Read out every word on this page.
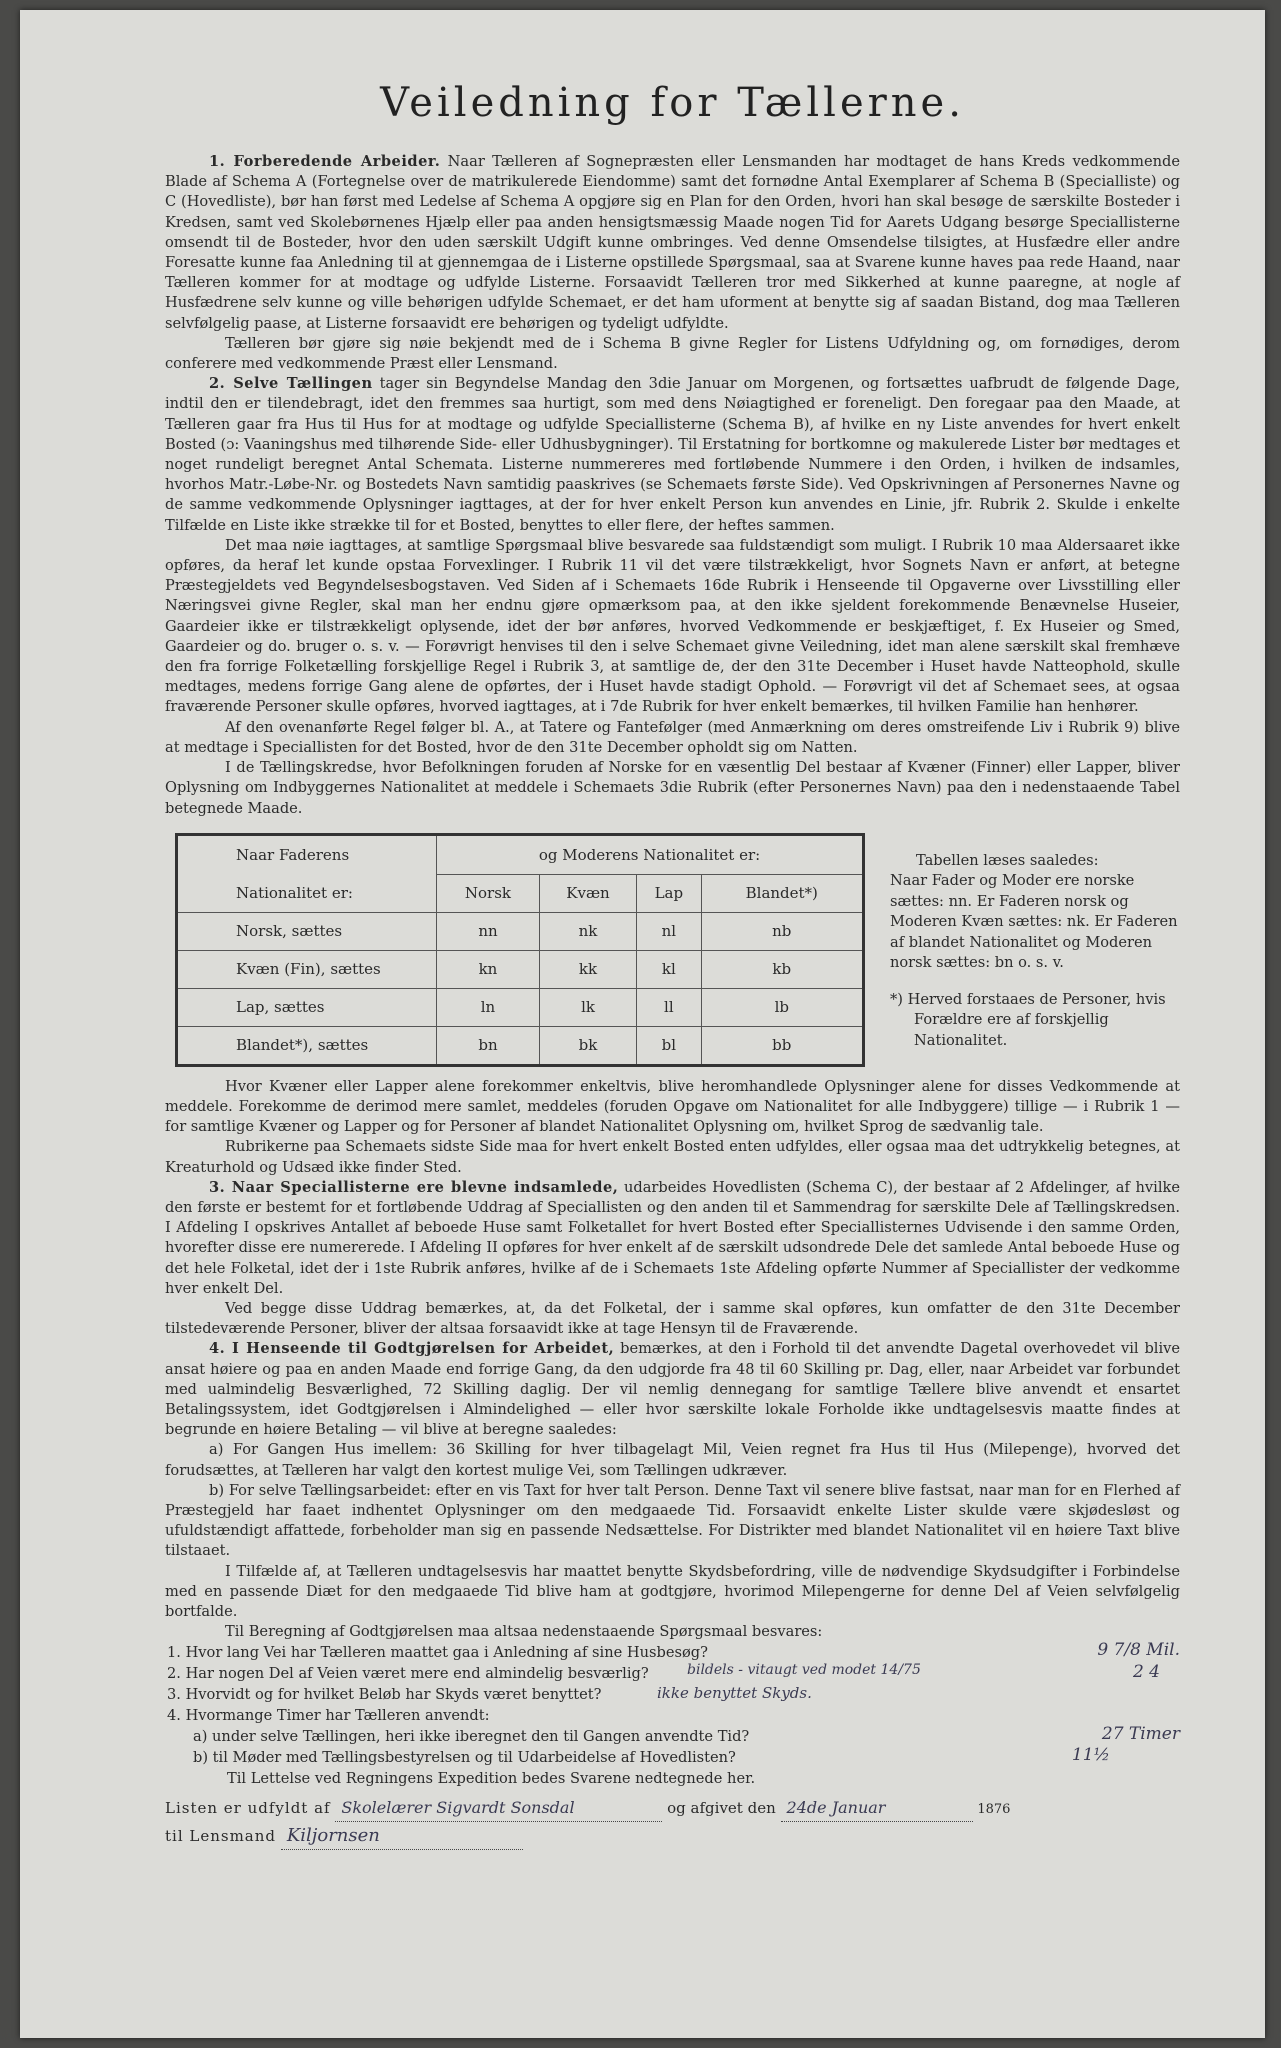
Veiledning for Tællerne.

1. Forberedende Arbeider. Naar Tælleren af Sognepræsten eller Lensmanden har modtaget de hans Kreds vedkommende Blade af Schema A (Fortegnelse over de matrikulerede Eiendomme) samt det fornødne Antal Exemplarer af Schema B (Specialliste) og C (Hovedliste), bør han først med Ledelse af Schema A opgjøre sig en Plan for den Orden, hvori han skal besøge de særskilte Bosteder i Kredsen, samt ved Skolebørnenes Hjælp eller paa anden hensigtsmæssig Maade nogen Tid for Aarets Udgang besørge Speciallisterne omsendt til de Bosteder, hvor den uden særskilt Udgift kunne ombringes. Ved denne Omsendelse tilsigtes, at Husfædre eller andre Foresatte kunne faa Anledning til at gjennemgaa de i Listerne opstillede Spørgsmaal, saa at Svarene kunne haves paa rede Haand, naar Tælleren kommer for at modtage og udfylde Listerne. Forsaavidt Tælleren tror med Sikkerhed at kunne paaregne, at nogle af Husfædrene selv kunne og ville behørigen udfylde Schemaet, er det ham uforment at benytte sig af saadan Bistand, dog maa Tælleren selvfølgelig paase, at Listerne forsaavidt ere behørigen og tydeligt udfyldte.

Tælleren bør gjøre sig nøie bekjendt med de i Schema B givne Regler for Listens Udfyldning og, om fornødiges, derom conferere med vedkommende Præst eller Lensmand.

2. Selve Tællingen tager sin Begyndelse Mandag den 3die Januar om Morgenen, og fortsættes uafbrudt de følgende Dage, indtil den er tilendebragt, idet den fremmes saa hurtigt, som med dens Nøiagtighed er foreneligt. Den foregaar paa den Maade, at Tælleren gaar fra Hus til Hus for at modtage og udfylde Speciallisterne (Schema B), af hvilke en ny Liste anvendes for hvert enkelt Bosted (ɔ: Vaaningshus med tilhørende Side- eller Udhusbygninger). Til Erstatning for bortkomne og makulerede Lister bør medtages et noget rundeligt beregnet Antal Schemata. Listerne nummereres med fortløbende Nummere i den Orden, i hvilken de indsamles, hvorhos Matr.-Løbe-Nr. og Bostedets Navn samtidig paaskrives (se Schemaets første Side). Ved Opskrivningen af Personernes Navne og de samme vedkommende Oplysninger iagttages, at der for hver enkelt Person kun anvendes en Linie, jfr. Rubrik 2. Skulde i enkelte Tilfælde en Liste ikke strække til for et Bosted, benyttes to eller flere, der heftes sammen.

Det maa nøie iagttages, at samtlige Spørgsmaal blive besvarede saa fuldstændigt som muligt. I Rubrik 10 maa Aldersaaret ikke opføres, da heraf let kunde opstaa Forvexlinger. I Rubrik 11 vil det være tilstrækkeligt, hvor Sognets Navn er anført, at betegne Præstegjeldets ved Begyndelsesbogstaven. Ved Siden af i Schemaets 16de Rubrik i Henseende til Opgaverne over Livsstilling eller Næringsvei givne Regler, skal man her endnu gjøre opmærksom paa, at den ikke sjeldent forekommende Benævnelse Huseier, Gaardeier ikke er tilstrækkeligt oplysende, idet der bør anføres, hvorved Vedkommende er beskjæftiget, f. Ex Huseier og Smed, Gaardeier og do. bruger o. s. v. — Forøvrigt henvises til den i selve Schemaet givne Veiledning, idet man alene særskilt skal fremhæve den fra forrige Folketælling forskjellige Regel i Rubrik 3, at samtlige de, der den 31te December i Huset havde Natteophold, skulle medtages, medens forrige Gang alene de opførtes, der i Huset havde stadigt Ophold. — Forøvrigt vil det af Schemaet sees, at ogsaa fraværende Personer skulle opføres, hvorved iagttages, at i 7de Rubrik for hver enkelt bemærkes, til hvilken Familie han henhører.

Af den ovenanførte Regel følger bl. A., at Tatere og Fantefølger (med Anmærkning om deres omstreifende Liv i Rubrik 9) blive at medtage i Speciallisten for det Bosted, hvor de den 31te December opholdt sig om Natten.

I de Tællingskredse, hvor Befolkningen foruden af Norske for en væsentlig Del bestaar af Kvæner (Finner) eller Lapper, bliver Oplysning om Indbyggernes Nationalitet at meddele i Schemaets 3die Rubrik (efter Personernes Navn) paa den i nedenstaaende Tabel betegnede Maade.

Naar Faderens	og Moderens Nationalitet er:			
Nationalitet er:	Norsk	Kvæn	Lap	Blandet*)
Norsk, sættes	nn	nk	nl	nb
Kvæn (Fin), sættes	kn	kk	kl	kb
Lap, sættes	ln	lk	ll	lb
Blandet*), sættes	bn	bk	bl	bb
Tabellen læses saaledes:
Naar Fader og Moder ere norske sættes: nn. Er Faderen norsk og Moderen Kvæn sættes: nk. Er Faderen af blandet Nationalitet og Moderen norsk sættes: bn o. s. v.
*) Herved forstaaes de Personer, hvis Forældre ere af forskjellig Nationalitet.

Hvor Kvæner eller Lapper alene forekommer enkeltvis, blive heromhandlede Oplysninger alene for disses Vedkommende at meddele. Forekomme de derimod mere samlet, meddeles (foruden Opgave om Nationalitet for alle Indbyggere) tillige — i Rubrik 1 — for samtlige Kvæner og Lapper og for Personer af blandet Nationalitet Oplysning om, hvilket Sprog de sædvanlig tale.

Rubrikerne paa Schemaets sidste Side maa for hvert enkelt Bosted enten udfyldes, eller ogsaa maa det udtrykkelig betegnes, at Kreaturhold og Udsæd ikke finder Sted.

3. Naar Speciallisterne ere blevne indsamlede, udarbeides Hovedlisten (Schema C), der bestaar af 2 Afdelinger, af hvilke den første er bestemt for et fortløbende Uddrag af Speciallisten og den anden til et Sammendrag for særskilte Dele af Tællingskredsen. I Afdeling I opskrives Antallet af beboede Huse samt Folketallet for hvert Bosted efter Speciallisternes Udvisende i den samme Orden, hvorefter disse ere numererede. I Afdeling II opføres for hver enkelt af de særskilt udsondrede Dele det samlede Antal beboede Huse og det hele Folketal, idet der i 1ste Rubrik anføres, hvilke af de i Schemaets 1ste Afdeling opførte Nummer af Speciallister der vedkomme hver enkelt Del.

Ved begge disse Uddrag bemærkes, at, da det Folketal, der i samme skal opføres, kun omfatter de den 31te December tilstedeværende Personer, bliver der altsaa forsaavidt ikke at tage Hensyn til de Fraværende.

4. I Henseende til Godtgjørelsen for Arbeidet, bemærkes, at den i Forhold til det anvendte Dagetal overhovedet vil blive ansat høiere og paa en anden Maade end forrige Gang, da den udgjorde fra 48 til 60 Skilling pr. Dag, eller, naar Arbeidet var forbundet med ualmindelig Besværlighed, 72 Skilling daglig. Der vil nemlig dennegang for samtlige Tællere blive anvendt et ensartet Betalingssystem, idet Godtgjørelsen i Almindelighed — eller hvor særskilte lokale Forholde ikke undtagelsesvis maatte findes at begrunde en høiere Betaling — vil blive at beregne saaledes:

a) For Gangen Hus imellem: 36 Skilling for hver tilbagelagt Mil, Veien regnet fra Hus til Hus (Milepenge), hvorved det forudsættes, at Tælleren har valgt den kortest mulige Vei, som Tællingen udkræver.

b) For selve Tællingsarbeidet: efter en vis Taxt for hver talt Person. Denne Taxt vil senere blive fastsat, naar man for en Flerhed af Præstegjeld har faaet indhentet Oplysninger om den medgaaede Tid. Forsaavidt enkelte Lister skulde være skjødesløst og ufuldstændigt affattede, forbeholder man sig en passende Nedsættelse. For Distrikter med blandet Nationalitet vil en høiere Taxt blive tilstaaet.

I Tilfælde af, at Tælleren undtagelsesvis har maattet benytte Skydsbefordring, ville de nødvendige Skydsudgifter i Forbindelse med en passende Diæt for den medgaaede Tid blive ham at godtgjøre, hvorimod Milepengerne for denne Del af Veien selvfølgelig bortfalde.

Til Beregning af Godtgjørelsen maa altsaa nedenstaaende Spørgsmaal besvares:

1. Hvor lang Vei har Tælleren maattet gaa i Anledning af sine Husbesøg?	9 7/8 Mil.
2. Har nogen Del af Veien været mere end almindelig besværlig?	bildels - vitaugt ved modet 14/75	2 4
3. Hvorvidt og for hvilket Beløb har Skyds været benyttet?	ikke benyttet Skyds.
4. Hvormange Timer har Tælleren anvendt:
a) under selve Tællingen, heri ikke iberegnet den til Gangen anvendte Tid?	27 Timer
b) til Møder med Tællingsbestyrelsen og til Udarbeidelse af Hovedlisten?	11½
Til Lettelse ved Regningens Expedition bedes Svarene nedtegnede her.
Listen er udfyldt af Skolelærer Sigvardt Sonsdal	og afgivet den 24de Januar	1876
til Lensmand Kiljornsen
